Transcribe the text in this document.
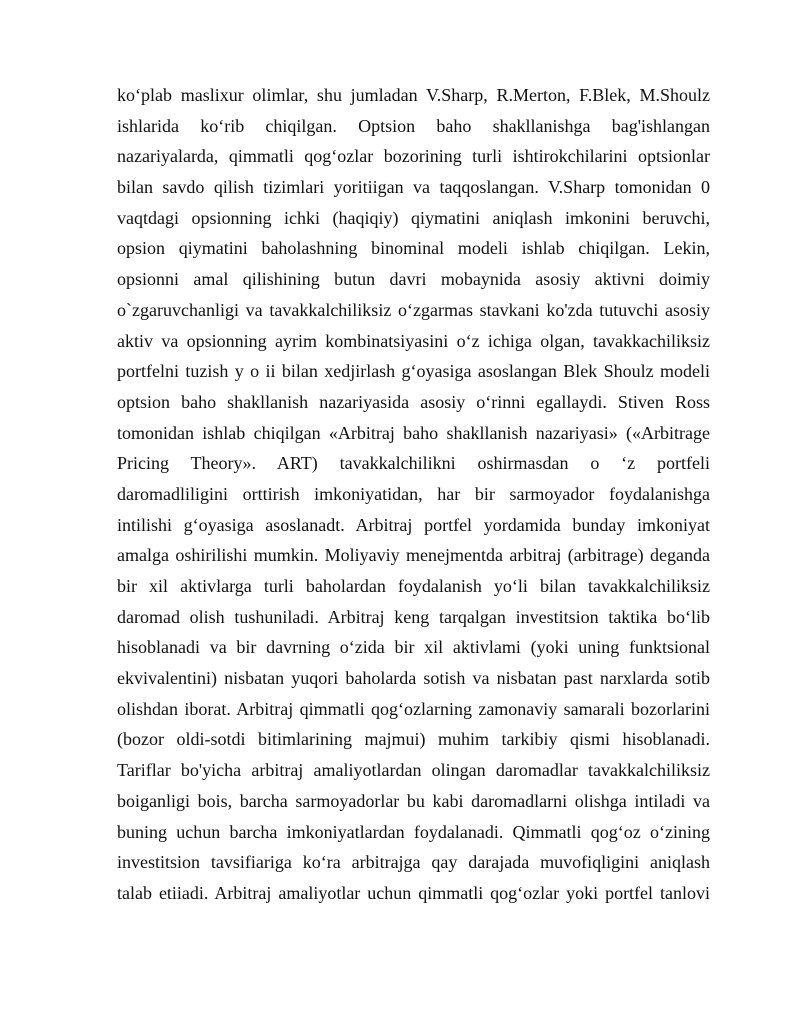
ko‘plab maslixur olimlar, shu jumladan V.Sharp, R.Merton, F.Blek, M.Shoulz
ishlarida ko‘rib chiqilgan. Optsion baho shakllanishga bag'ishlangan
nazariyalarda, qimmatli qog‘ozlar bozorining turli ishtirokchilarini optsionlar
bilan savdo qilish tizimlari yoritiigan va taqqoslangan. V.Sharp tomonidan 0
vaqtdagi opsionning ichki (haqiqiy) qiymatini aniqlash imkonini beruvchi,
opsion qiymatini baholashning binominal modeli ishlab chiqilgan. Lekin,
opsionni amal qilishining butun davri mobaynida asosiy aktivni doimiy
o`zgaruvchanligi va tavakkalchiliksiz o‘zgarmas stavkani ko'zda tutuvchi asosiy
aktiv va opsionning ayrim kombinatsiyasini o‘z ichiga olgan, tavakkachiliksiz
portfelni tuzish y o ii bilan xedjirlash g‘oyasiga asoslangan Blek Shoulz modeli
optsion baho shakllanish nazariyasida asosiy o‘rinni egallaydi. Stiven Ross
tomonidan ishlab chiqilgan «Arbitraj baho shakllanish nazariyasi» («Arbitrage
Pricing Theory». ART) tavakkalchilikni oshirmasdan o ‘z portfeli
daromadliligini orttirish imkoniyatidan, har bir sarmoyador foydalanishga
intilishi g‘oyasiga asoslanadt. Arbitraj portfel yordamida bunday imkoniyat
amalga oshirilishi mumkin. Moliyaviy menejmentda arbitraj (arbitrage) deganda
bir xil aktivlarga turli baholardan foydalanish yo‘li bilan tavakkalchiliksiz
daromad olish tushuniladi. Arbitraj keng tarqalgan investitsion taktika bo‘lib
hisoblanadi va bir davrning o‘zida bir xil aktivlami (yoki uning funktsional
ekvivalentini) nisbatan yuqori baholarda sotish va nisbatan past narxlarda sotib
olishdan iborat. Arbitraj qimmatli qog‘ozlarning zamonaviy samarali bozorlarini
(bozor oldi-sotdi bitimlarining majmui) muhim tarkibiy qismi hisoblanadi.
Tariflar bo'yicha arbitraj amaliyotlardan olingan daromadlar tavakkalchiliksiz
boiganligi bois, barcha sarmoyadorlar bu kabi daromadlarni olishga intiladi va
buning uchun barcha imkoniyatlardan foydalanadi. Qimmatli qog‘oz o‘zining
investitsion tavsifiariga ko‘ra arbitrajga qay darajada muvofiqligini aniqlash
talab etiiadi. Arbitraj amaliyotlar uchun qimmatli qog‘ozlar yoki portfel tanlovi
